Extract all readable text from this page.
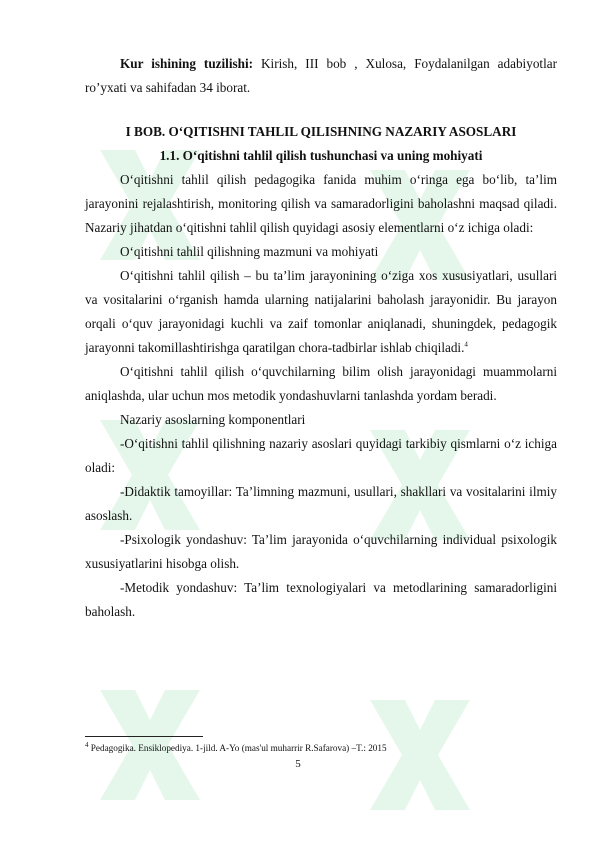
Kur ishining tuzilishi: Kirish, III bob , Xulosa, Foydalanilgan adabiyotlar ro’yxati va sahifadan 34 iborat.

I BOB. O‘QITISHNI TAHLIL QILISHNING NAZARIY ASOSLARI

1.1. O‘qitishni tahlil qilish tushunchasi va uning mohiyati

O‘qitishni tahlil qilish pedagogika fanida muhim o‘ringa ega bo‘lib, ta’lim jarayonini rejalashtirish, monitoring qilish va samaradorligini baholashni maqsad qiladi. Nazariy jihatdan o‘qitishni tahlil qilish quyidagi asosiy elementlarni o‘z ichiga oladi:

O‘qitishni tahlil qilishning mazmuni va mohiyati

O‘qitishni tahlil qilish – bu ta’lim jarayonining o‘ziga xos xususiyatlari, usullari va vositalarini o‘rganish hamda ularning natijalarini baholash jarayonidir. Bu jarayon orqali o‘quv jarayonidagi kuchli va zaif tomonlar aniqlanadi, shuningdek, pedagogik jarayonni takomillashtirishga qaratilgan chora-tadbirlar ishlab chiqiladi.$^4$

O‘qitishni tahlil qilish o‘quvchilarning bilim olish jarayonidagi muammolarni aniqlashda, ular uchun mos metodik yondashuvlarni tanlashda yordam beradi.

Nazariy asoslarning komponentlari

-O‘qitishni tahlil qilishning nazariy asoslari quyidagi tarkibiy qismlarni o‘z ichiga oladi:

-Didaktik tamoyillar: Ta’limning mazmuni, usullari, shakllari va vositalarini ilmiy asoslash.

-Psixologik yondashuv: Ta’lim jarayonida o‘quvchilarning individual psixologik xususiyatlarini hisobga olish.

-Metodik yondashuv: Ta’lim texnologiyalari va metodlarining samaradorligini baholash.

$^4$ Pedagogika. Ensiklopediya. 1-jild. A-Yo (mas'ul muharrir R.Safarova) –T.: 2015
5
